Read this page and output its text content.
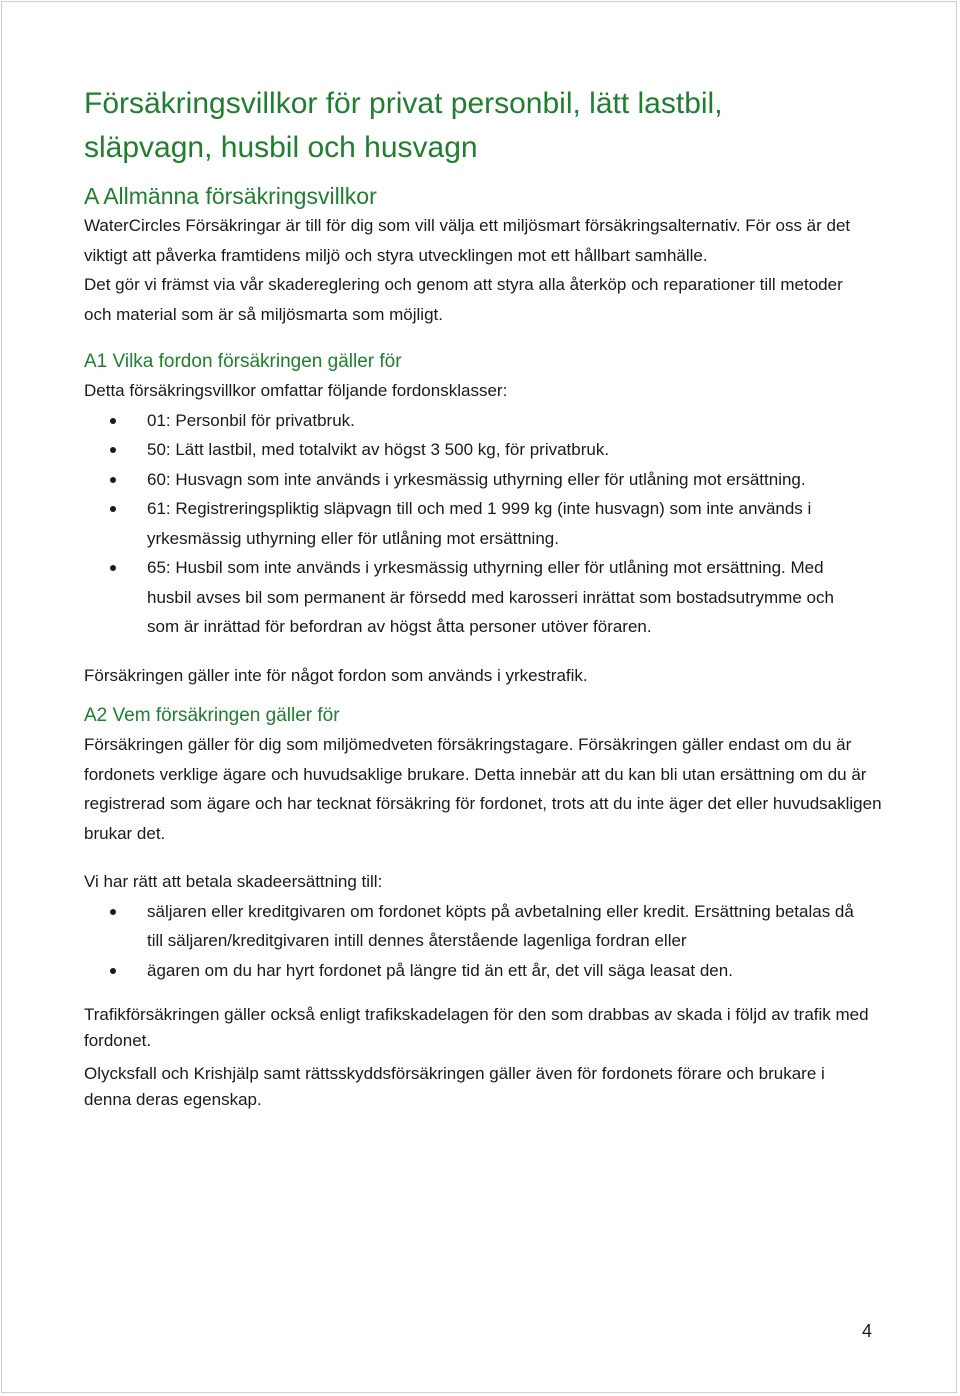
Försäkringsvillkor för privat personbil, lätt lastbil,
släpvagn, husbil och husvagn
A Allmänna försäkringsvillkor

WaterCircles Försäkringar är till för dig som vill välja ett miljösmart försäkringsalternativ. För oss är det viktigt att påverka framtidens miljö och styra utvecklingen mot ett hållbart samhälle.

Det gör vi främst via vår skadereglering och genom att styra alla återköp och reparationer till metoder och material som är så miljösmarta som möjligt.

A1 Vilka fordon försäkringen gäller för

Detta försäkringsvillkor omfattar följande fordonsklasser:

01: Personbil för privatbruk.
50: Lätt lastbil, med totalvikt av högst 3 500 kg, för privatbruk.
60: Husvagn som inte används i yrkesmässig uthyrning eller för utlåning mot ersättning.
61: Registreringspliktig släpvagn till och med 1 999 kg (inte husvagn) som inte används i yrkesmässig uthyrning eller för utlåning mot ersättning.
65: Husbil som inte används i yrkesmässig uthyrning eller för utlåning mot ersättning. Med husbil avses bil som permanent är försedd med karosseri inrättat som bostadsutrymme och som är inrättad för befordran av högst åtta personer utöver föraren.

Försäkringen gäller inte för något fordon som används i yrkestrafik.

A2 Vem försäkringen gäller för

Försäkringen gäller för dig som miljömedveten försäkringstagare. Försäkringen gäller endast om du är fordonets verklige ägare och huvudsaklige brukare. Detta innebär att du kan bli utan ersättning om du är registrerad som ägare och har tecknat försäkring för fordonet, trots att du inte äger det eller huvudsakligen brukar det.

Vi har rätt att betala skadeersättning till:

säljaren eller kreditgivaren om fordonet köpts på avbetalning eller kredit. Ersättning betalas då till säljaren/kreditgivaren intill dennes återstående lagenliga fordran eller
ägaren om du har hyrt fordonet på längre tid än ett år, det vill säga leasat den.

Trafikförsäkringen gäller också enligt trafikskadelagen för den som drabbas av skada i följd av trafik med fordonet.

Olycksfall och Krishjälp samt rättsskyddsförsäkringen gäller även för fordonets förare och brukare i denna deras egenskap.

4
